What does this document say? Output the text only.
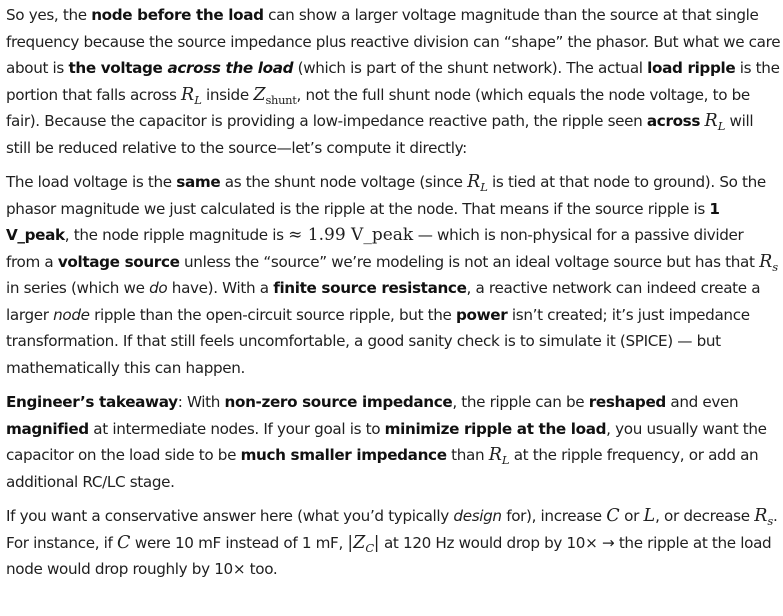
So yes, the node before the load can show a larger voltage magnitude than the source at that single frequency because the source impedance plus reactive division can “shape” the phasor. But what we care about is the voltage across the load (which is part of the shunt network). The actual load ripple is the portion that falls across $R_L$ inside $Z_{shunt}$, not the full shunt node (which equals the node voltage, to be fair). Because the capacitor is providing a low-impedance reactive path, the ripple seen across $R_L$ will still be reduced relative to the source—let’s compute it directly:

The load voltage is the same as the shunt node voltage (since $R_L$ is tied at that node to ground). So the phasor magnitude we just calculated is the ripple at the node. That means if the source ripple is 1 V_peak, the node ripple magnitude is ≈ 1.99 V_peak — which is non-physical for a passive divider from a voltage source unless the “source” we’re modeling is not an ideal voltage source but has that $R_s$ in series (which we do have). With a finite source resistance, a reactive network can indeed create a larger node ripple than the open-circuit source ripple, but the power isn’t created; it’s just impedance transformation. If that still feels uncomfortable, a good sanity check is to simulate it (SPICE) — but mathematically this can happen.

Engineer’s takeaway: With non-zero source impedance, the ripple can be reshaped and even magnified at intermediate nodes. If your goal is to minimize ripple at the load, you usually want the capacitor on the load side to be much smaller impedance than $R_L$ at the ripple frequency, or add an additional RC/LC stage.

If you want a conservative answer here (what you’d typically design for), increase C or L, or decrease $R_s$. For instance, if C were 10 mF instead of 1 mF, $|Z_C|$ at 120 Hz would drop by 10× → the ripple at the load node would drop roughly by 10× too.
